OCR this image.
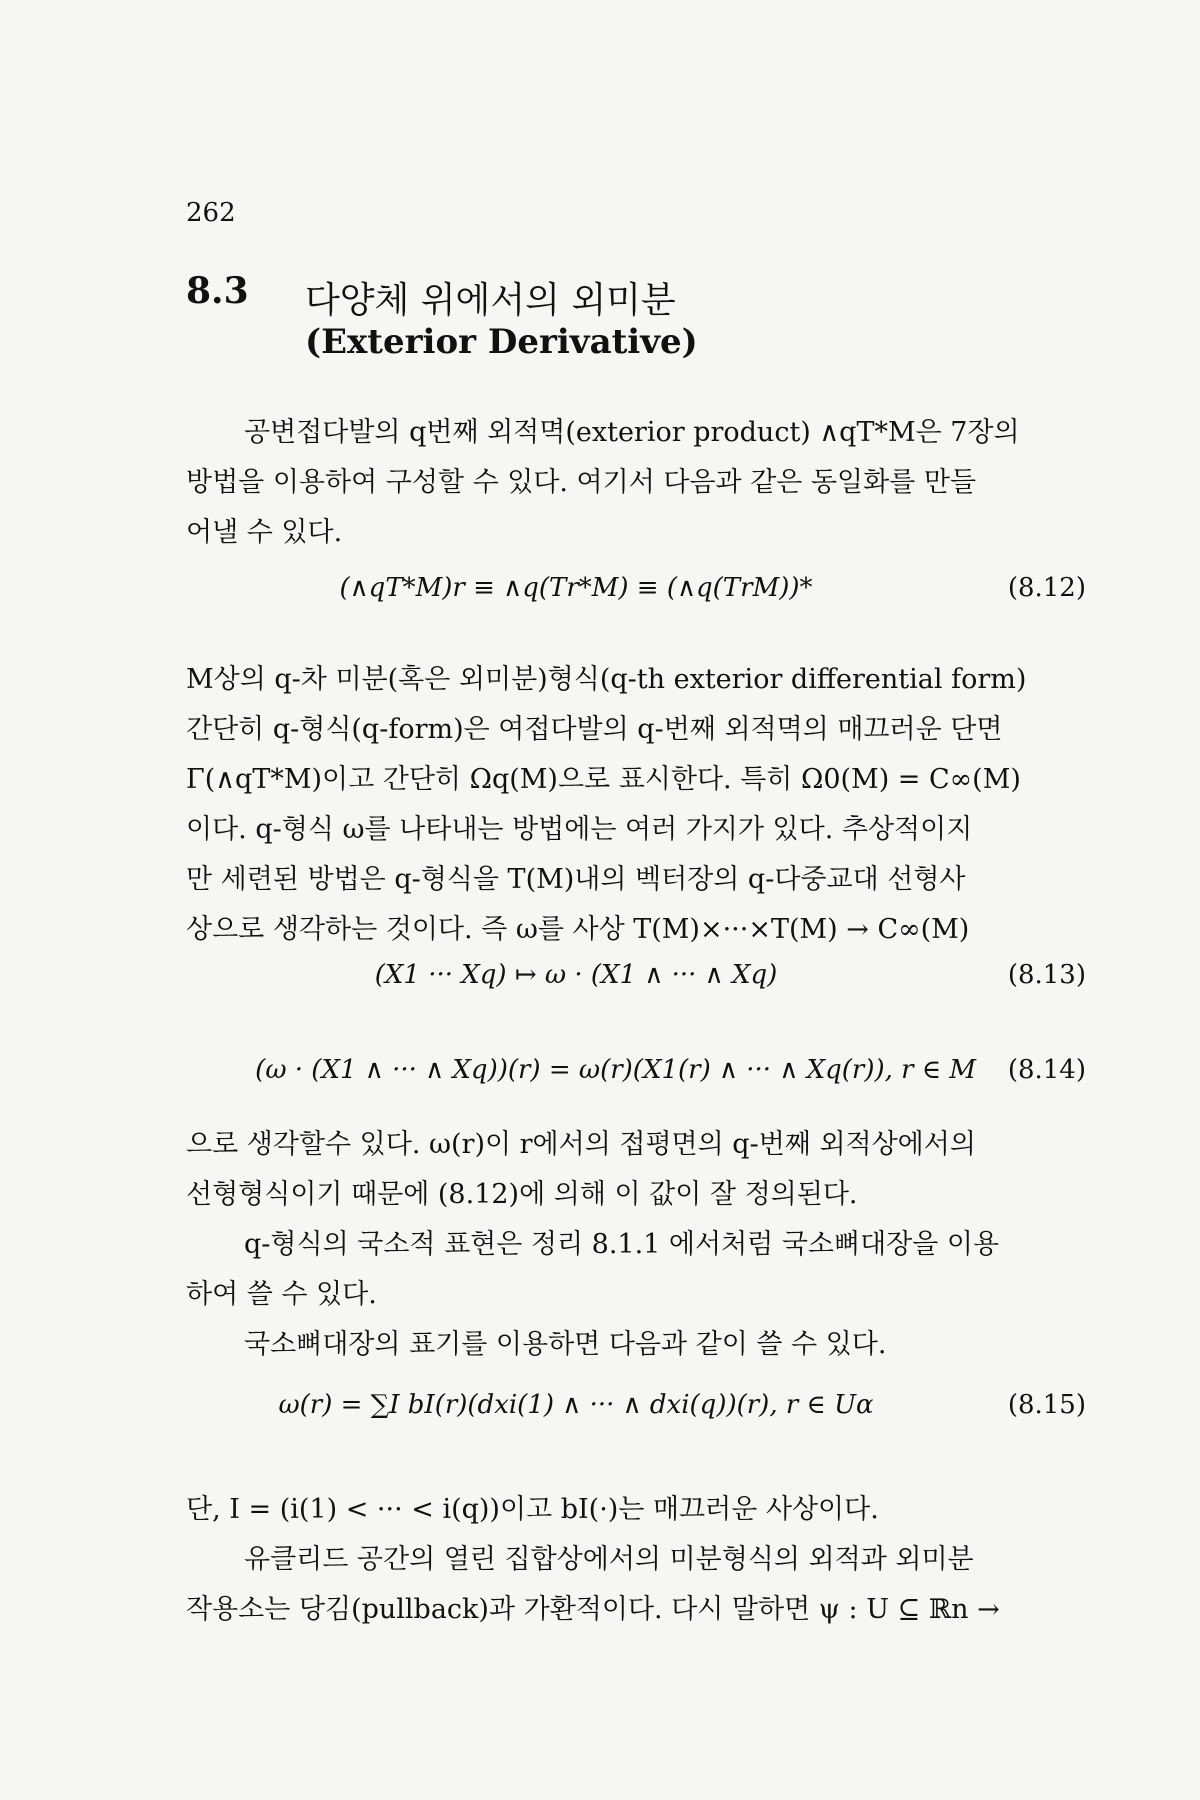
262
8.3 다양체 위에서의 외미분
(Exterior Derivative)
공변접다발의 q번째 외적멱(exterior product) ∧qT*M은 7장의
방법을 이용하여 구성할 수 있다. 여기서 다음과 같은 동일화를 만들
어낼 수 있다.
(∧qT*M)r ≡ ∧q(Tr*M) ≡ (∧q(TrM))*	(8.12)
M상의 q-차 미분(혹은 외미분)형식(q-th exterior differential form)
간단히 q-형식(q-form)은 여접다발의 q-번째 외적멱의 매끄러운 단면
Γ(∧qT*M)이고 간단히 Ωq(M)으로 표시한다. 특히 Ω0(M) = C∞(M)
이다. q-형식 ω를 나타내는 방법에는 여러 가지가 있다. 추상적이지
만 세련된 방법은 q-형식을 T(M)내의 벡터장의 q-다중교대 선형사
상으로 생각하는 것이다. 즉 ω를 사상 T(M)×···×T(M) → C∞(M)
(X1 ··· Xq) ↦ ω · (X1 ∧ ··· ∧ Xq)	(8.13)
(ω · (X1 ∧ ··· ∧ Xq))(r) = ω(r)(X1(r) ∧ ··· ∧ Xq(r)), r ∈ M (8.14)
으로 생각할수 있다. ω(r)이 r에서의 접평면의 q-번째 외적상에서의
선형형식이기 때문에 (8.12)에 의해 이 값이 잘 정의된다.
q-형식의 국소적 표현은 정리 8.1.1 에서처럼 국소뼈대장을 이용
하여 쓸 수 있다.
국소뼈대장의 표기를 이용하면 다음과 같이 쓸 수 있다.
ω(r) = ∑I bI(r)(dxi(1) ∧ ··· ∧ dxi(q))(r), r ∈ Uα	(8.15)
단, I = (i(1) < ··· < i(q))이고 bI(·)는 매끄러운 사상이다.
유클리드 공간의 열린 집합상에서의 미분형식의 외적과 외미분
작용소는 당김(pullback)과 가환적이다. 다시 말하면 ψ : U ⊆ ℝn →
